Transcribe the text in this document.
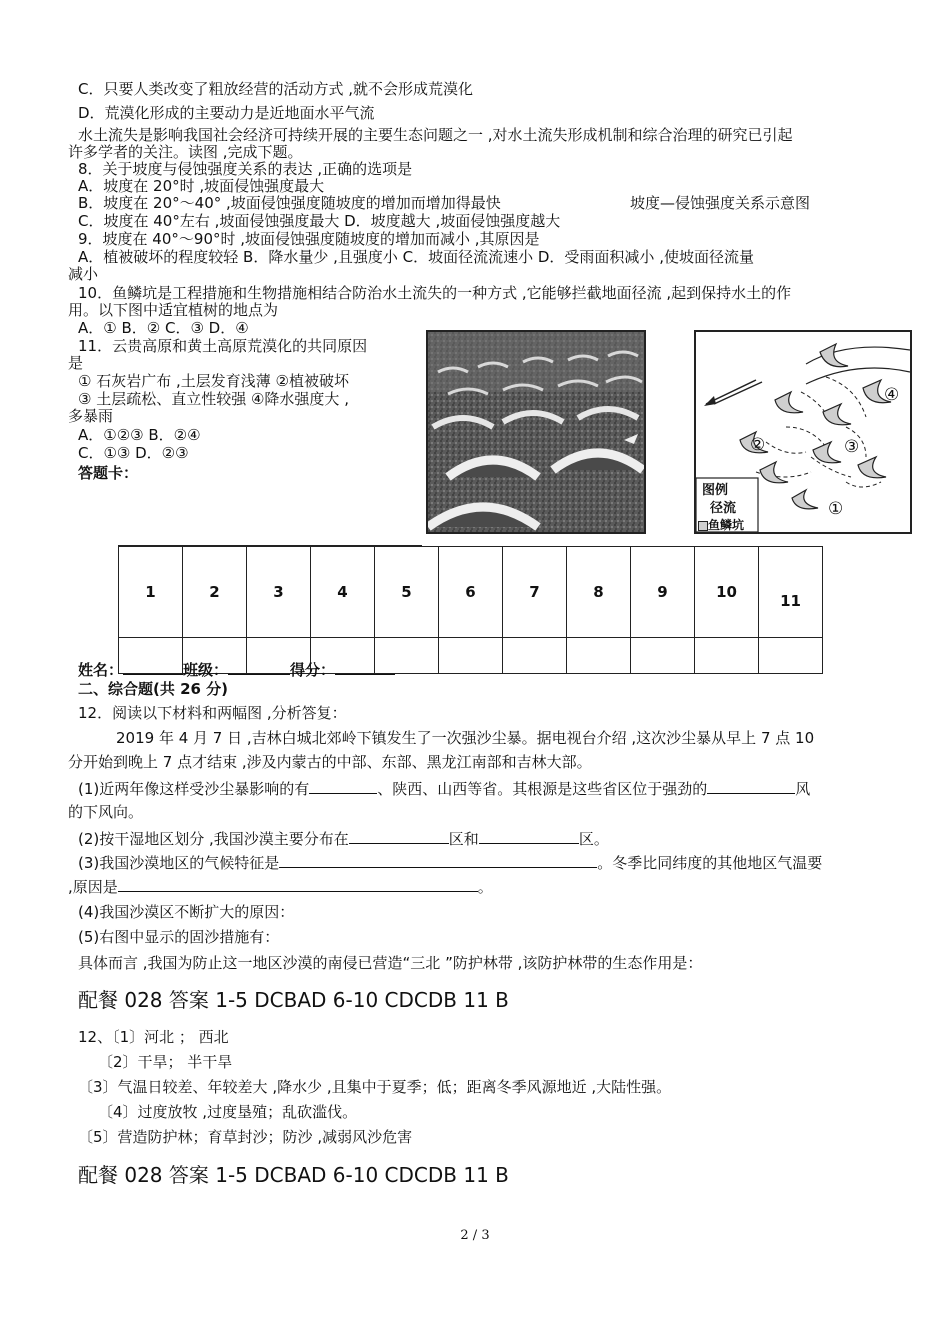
C．只要人类改变了粗放经营的活动方式 ,就不会形成荒漠化
D．荒漠化形成的主要动力是近地面水平气流
水土流失是影响我国社会经济可持续开展的主要生态问题之一 ,对水土流失形成机制和综合治理的研究已引起
许多学者的关注。读图 ,完成下题。
8．关于坡度与侵蚀强度关系的表达 ,正确的选项是
A．坡度在 20°时 ,坡面侵蚀强度最大
B．坡度在 20°～40° ,坡面侵蚀强度随坡度的增加而增加得最快	坡度—侵蚀强度关系示意图
C．坡度在 40°左右 ,坡面侵蚀强度最大 D．坡度越大 ,坡面侵蚀强度越大
9．坡度在 40°～90°时 ,坡面侵蚀强度随坡度的增加而减小 ,其原因是
A．植被破坏的程度较轻 B．降水量少 ,且强度小 C．坡面径流流速小 D．受雨面积减小 ,使坡面径流量
减小
10．鱼鳞坑是工程措施和生物措施相结合防治水土流失的一种方式 ,它能够拦截地面径流 ,起到保持水土的作
用。以下图中适宜植树的地点为
A．① B．② C．③ D．④
11．云贵高原和黄土高原荒漠化的共同原因
是
① 石灰岩广布 ,土层发育浅薄 ②植被破坏
③ 土层疏松、直立性较强 ④降水强度大 ,
多暴雨
A．①②③ B．②④
C．①③ D．②③
答题卡：
图例
径流
鱼鳞坑
①
②	③
④
1	2	3	4	5	6	7	8	9	10	11

姓名：	班级：	得分：
二、综合题(共 26 分)
12．阅读以下材料和两幅图 ,分析答复：
2019 年 4 月 7 日 ,吉林白城北郊岭下镇发生了一次强沙尘暴。据电视台介绍 ,这次沙尘暴从早上 7 点 10
分开始到晚上 7 点才结束 ,涉及内蒙古的中部、东部、黑龙江南部和吉林大部。
(1)近两年像这样受沙尘暴影响的有	、陕西、山西等省。其根源是这些省区位于强劲的	风
的下风向。
(2)按干湿地区划分 ,我国沙漠主要分布在	区和	区。
(3)我国沙漠地区的气候特征是	。冬季比同纬度的其他地区气温要
,原因是	。
(4)我国沙漠区不断扩大的原因：
(5)右图中显示的固沙措施有：
具体而言 ,我国为防止这一地区沙漠的南侵已营造“三北 ”防护林带 ,该防护林带的生态作用是：
配餐 028 答案 1-5 DCBAD 6-10 CDCDB 11 B
12、〔1〕河北 ； 西北
〔2〕干旱； 半干旱
〔3〕气温日较差、年较差大 ,降水少 ,且集中于夏季；低；距离冬季风源地近 ,大陆性强。
〔4〕过度放牧 ,过度垦殖；乱砍滥伐。
〔5〕营造防护林；育草封沙；防沙 ,减弱风沙危害
配餐 028 答案 1-5 DCBAD 6-10 CDCDB 11 B
2 / 3
